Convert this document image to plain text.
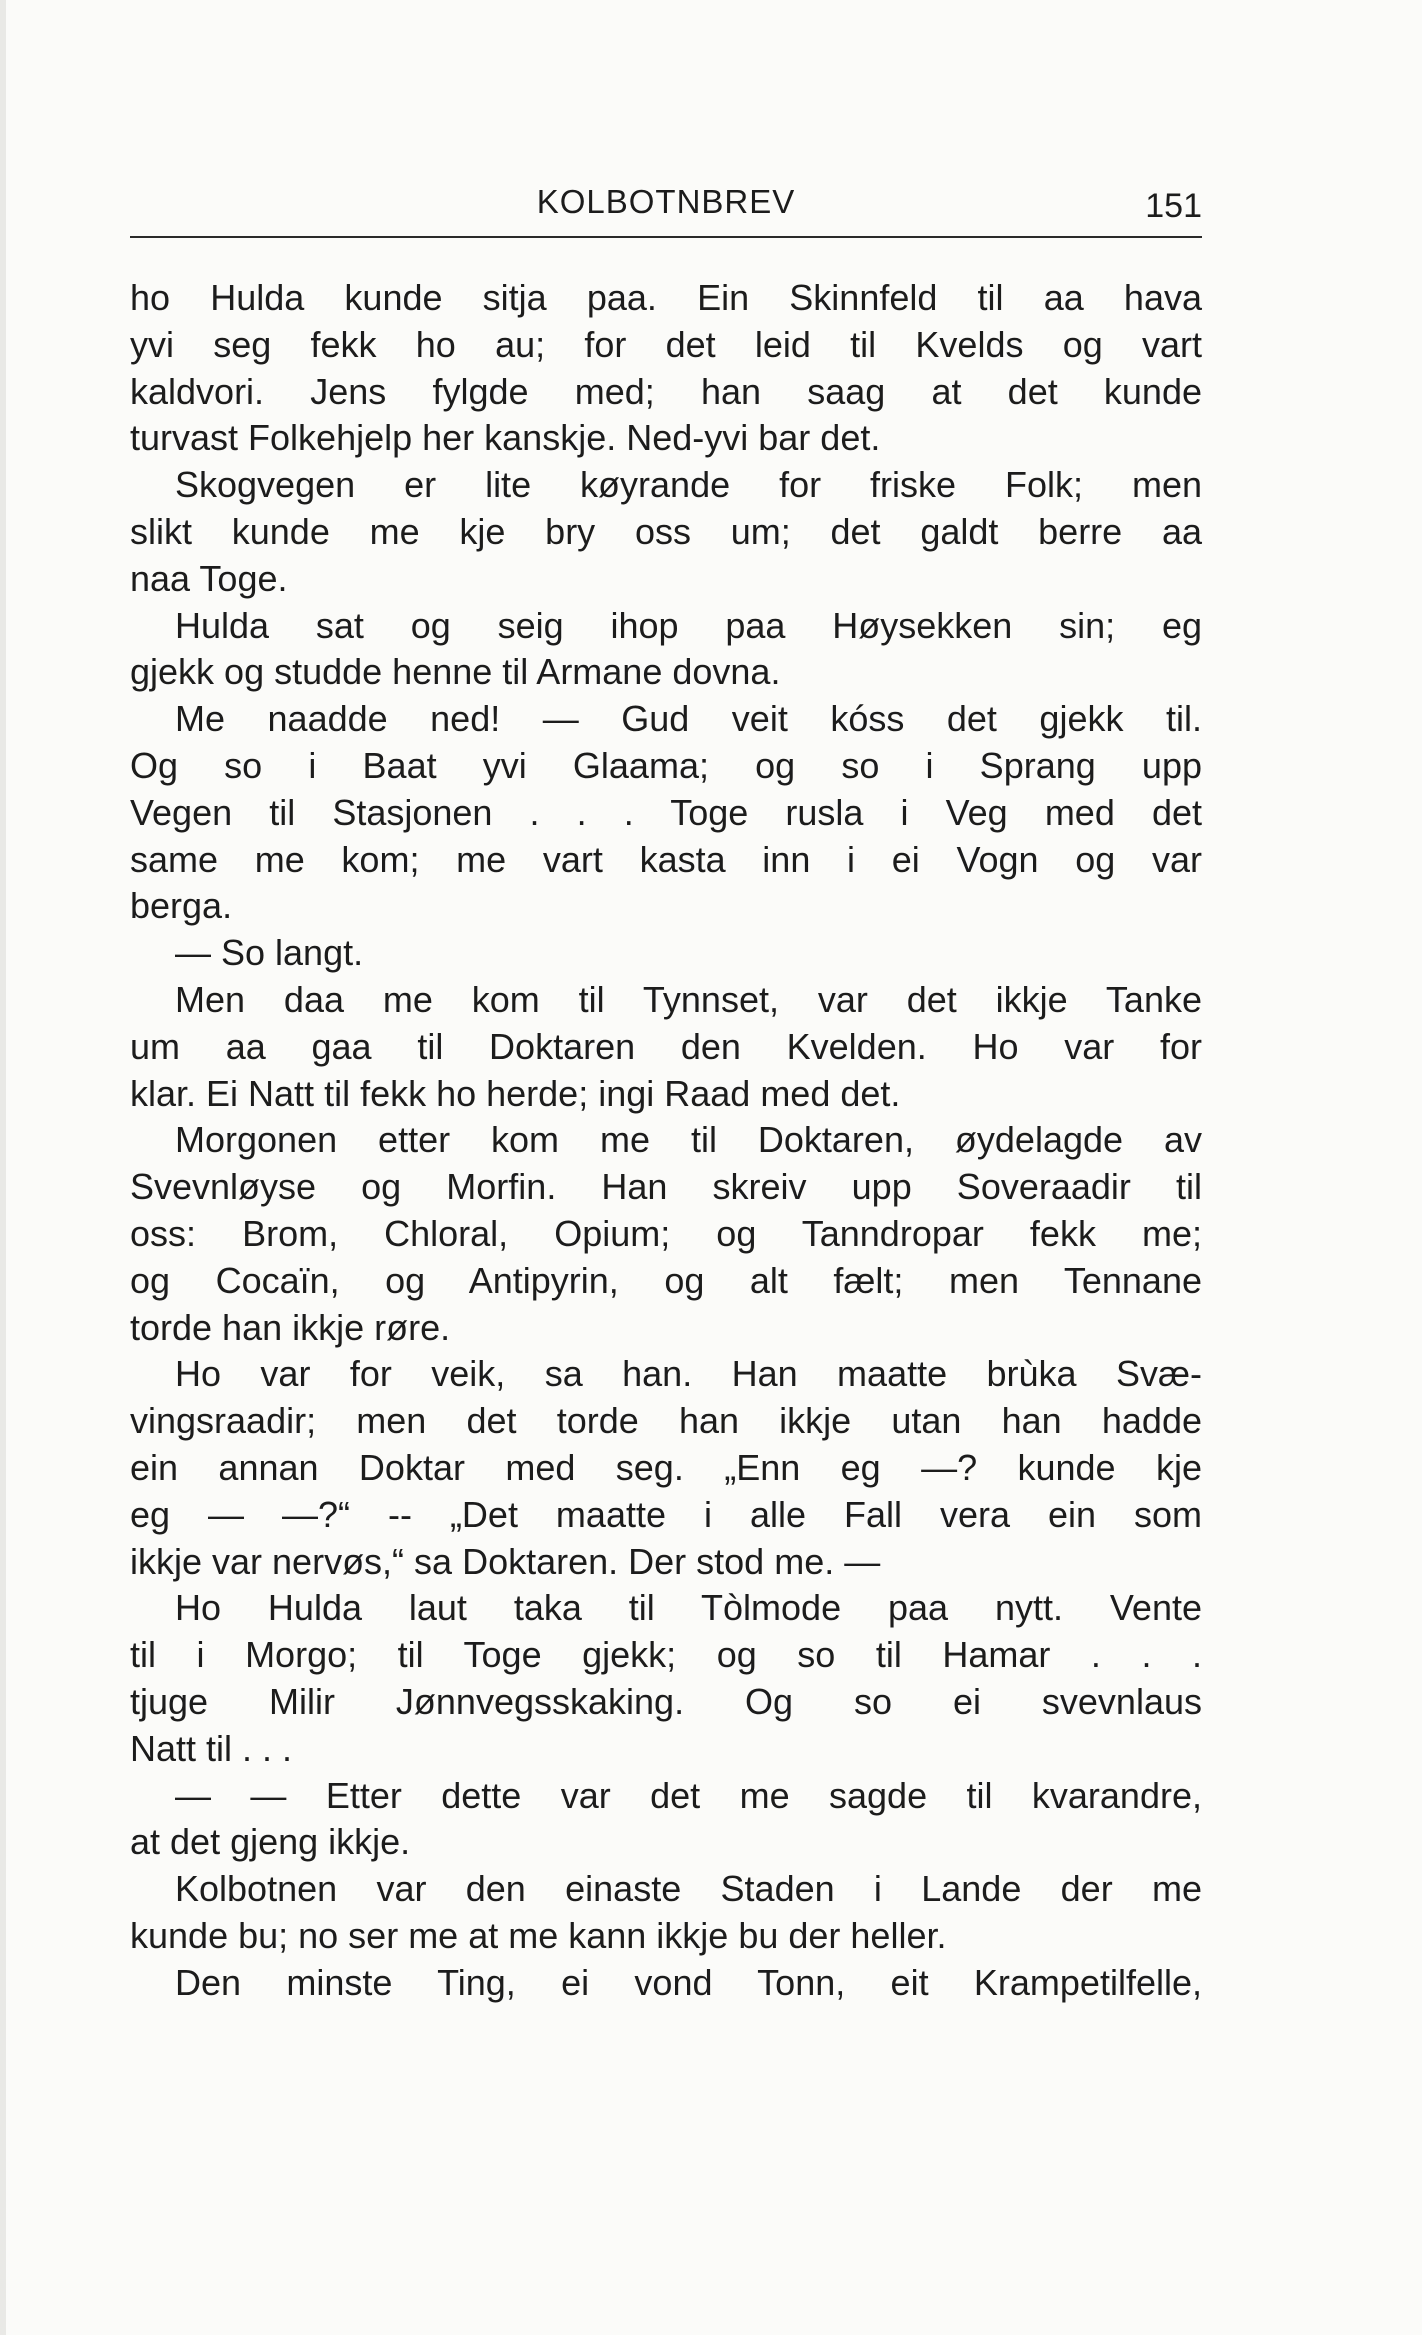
KOLBOTNBREV	151
ho Hulda kunde sitja paa. Ein Skinnfeld til aa hava
yvi seg fekk ho au; for det leid til Kvelds og vart
kaldvori. Jens fylgde med; han saag at det kunde
turvast Folkehjelp her kanskje. Ned-yvi bar det.
Skogvegen er lite køyrande for friske Folk; men
slikt kunde me kje bry oss um; det galdt berre aa
naa Toge.
Hulda sat og seig ihop paa Høysekken sin; eg
gjekk og studde henne til Armane dovna.
Me naadde ned! — Gud veit kóss det gjekk til.
Og so i Baat yvi Glaama; og so i Sprang upp
Vegen til Stasjonen . . . Toge rusla i Veg med det
same me kom; me vart kasta inn i ei Vogn og var
berga.
— So langt.
Men daa me kom til Tynnset, var det ikkje Tanke
um aa gaa til Doktaren den Kvelden. Ho var for
klar. Ei Natt til fekk ho herde; ingi Raad med det.
Morgonen etter kom me til Doktaren, øydelagde av
Svevnløyse og Morfin. Han skreiv upp Soveraadir til
oss: Brom, Chloral, Opium; og Tanndropar fekk me;
og Cocaïn, og Antipyrin, og alt fælt; men Tennane
torde han ikkje røre.
Ho var for veik, sa han. Han maatte brùka Svæ-
vingsraadir; men det torde han ikkje utan han hadde
ein annan Doktar med seg. „Enn eg —? kunde kje
eg — —?“ -- „Det maatte i alle Fall vera ein som
ikkje var nervøs,“ sa Doktaren. Der stod me. —
Ho Hulda laut taka til Tòlmode paa nytt. Vente
til i Morgo; til Toge gjekk; og so til Hamar . . .
tjuge Milir Jønnvegsskaking. Og so ei svevnlaus
Natt til . . .
— — Etter dette var det me sagde til kvarandre,
at det gjeng ikkje.
Kolbotnen var den einaste Staden i Lande der me
kunde bu; no ser me at me kann ikkje bu der heller.
Den minste Ting, ei vond Tonn, eit Krampetilfelle,
